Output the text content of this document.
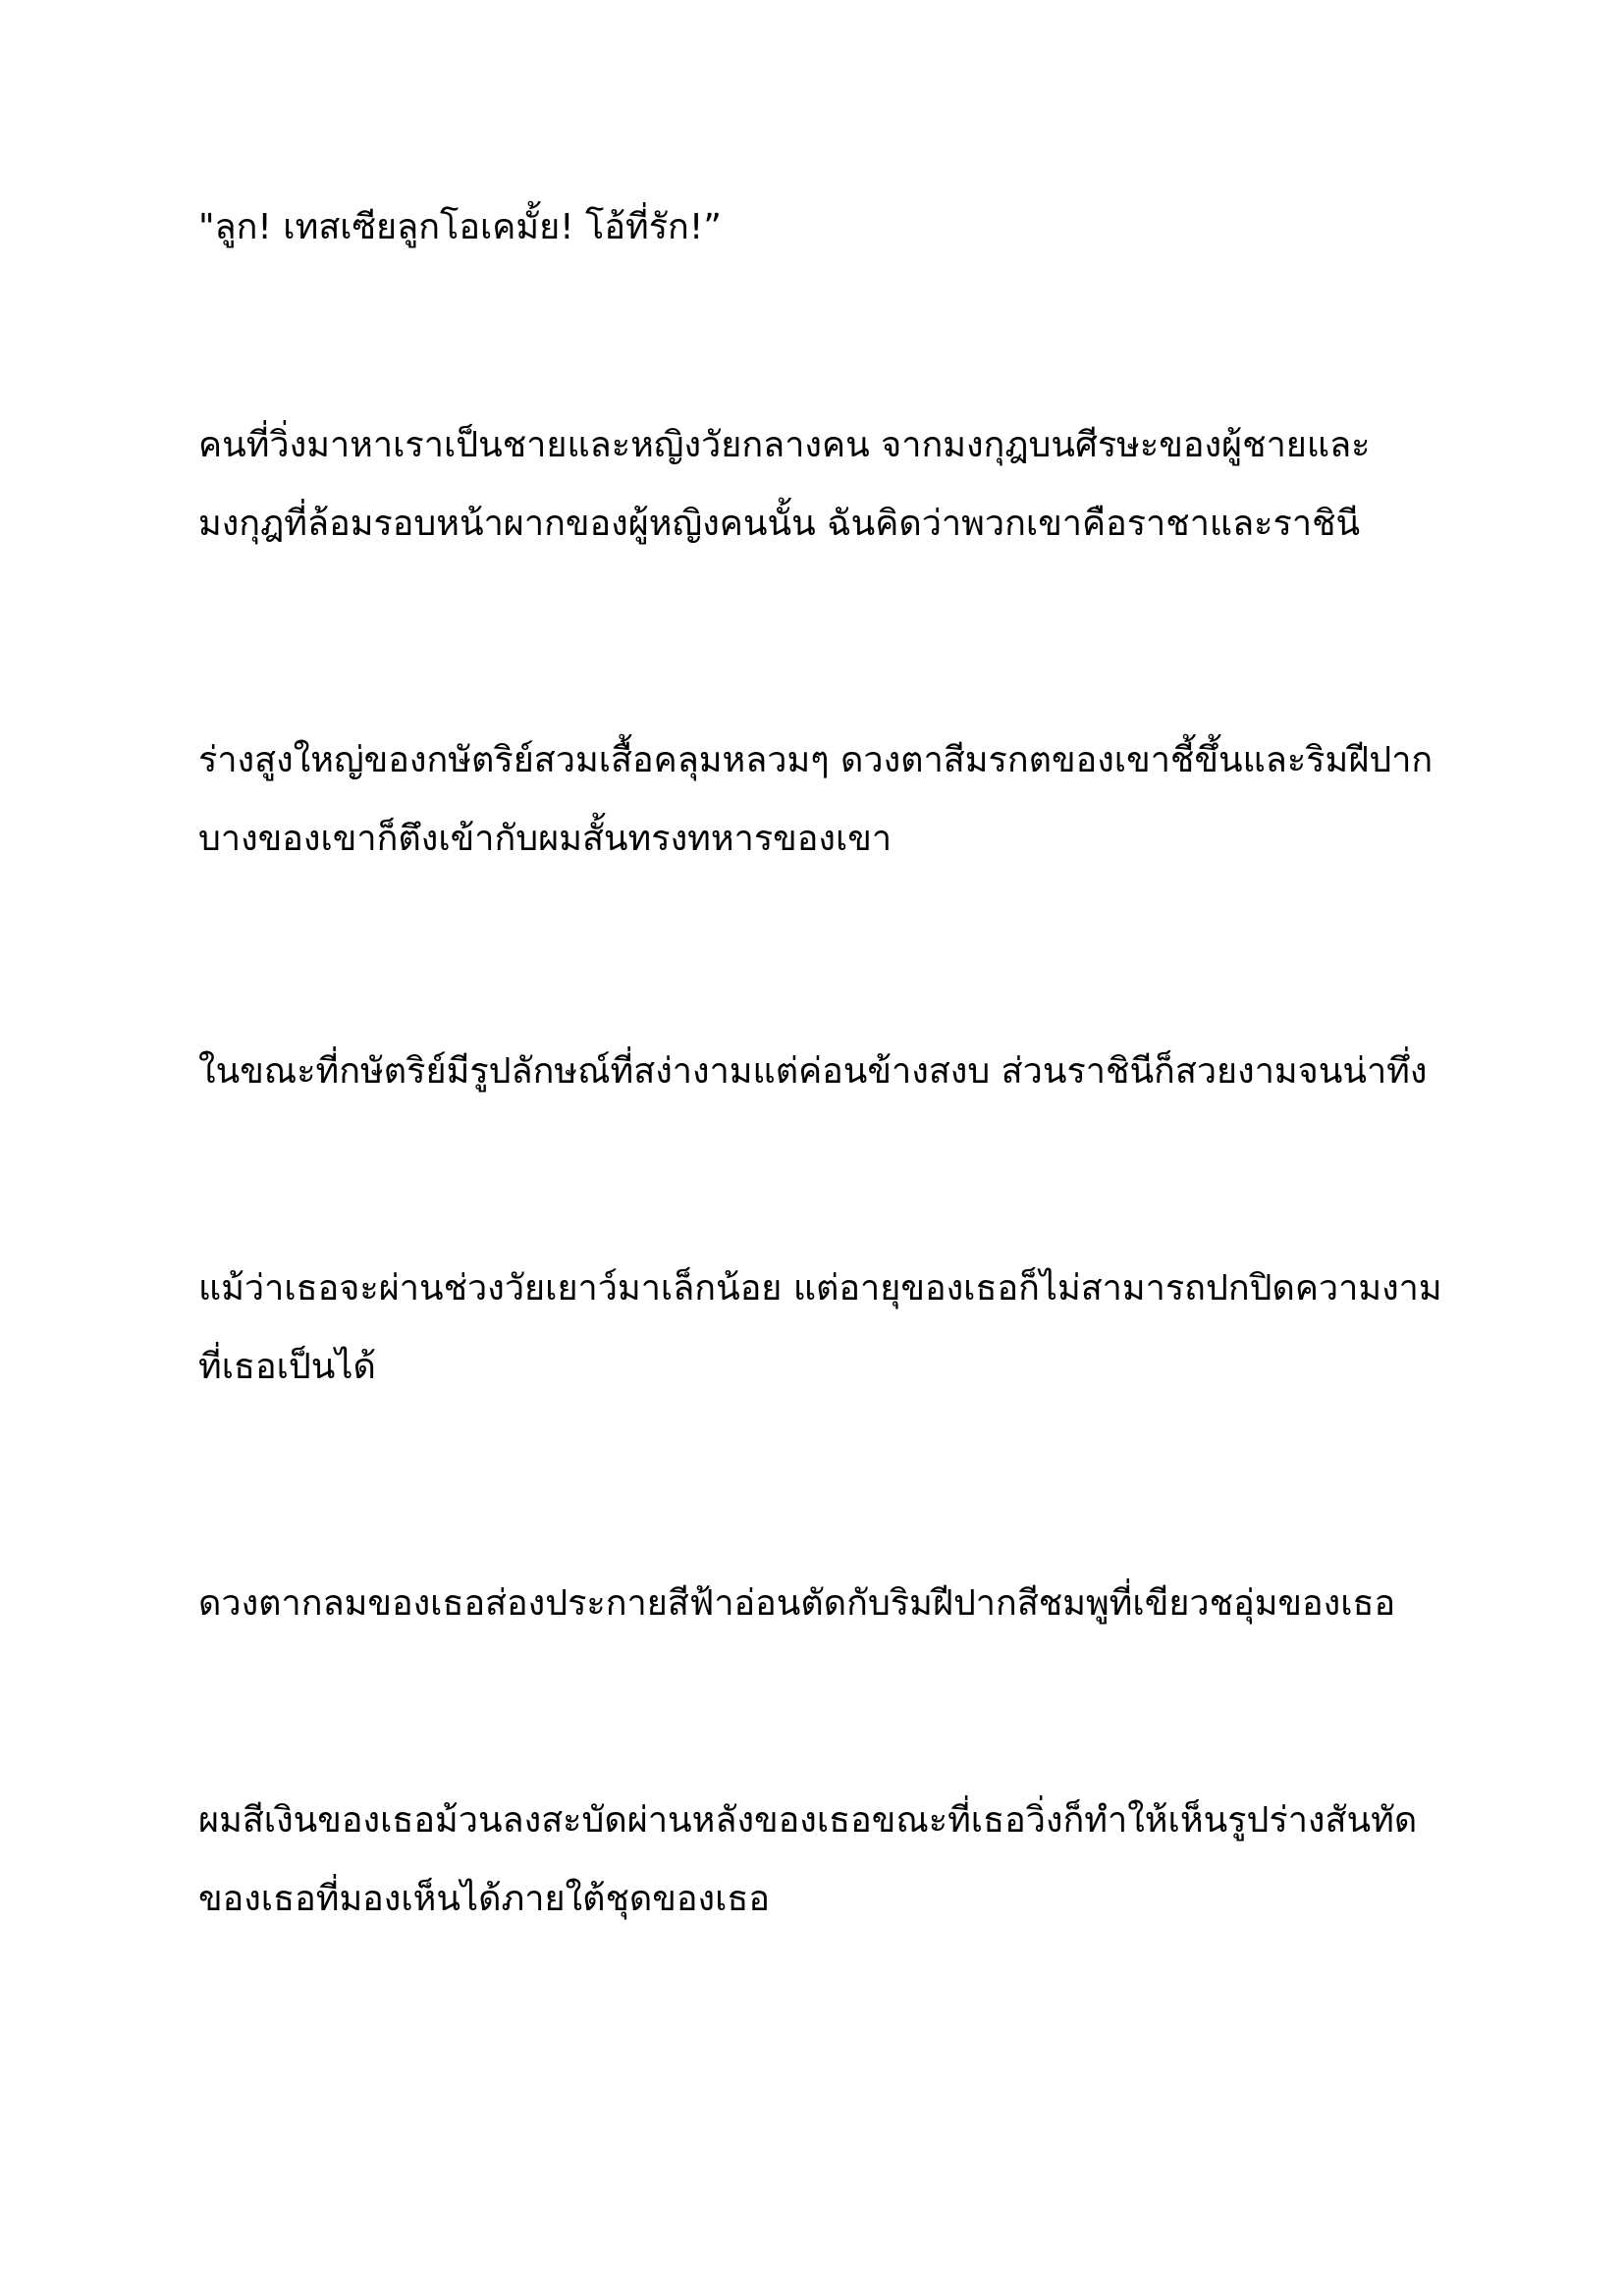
"ลูก! เทสเซียลูกโอเคมั้ย! โอ้ที่รัก!”

คนที่วิ่งมาหาเราเป็นชายและหญิงวัยกลางคน จากมงกุฎบนศีรษะของผู้ชายและ
มงกุฎที่ล้อมรอบหน้าผากของผู้หญิงคนนั้น ฉันคิดว่าพวกเขาคือราชาและราชินี

ร่างสูงใหญ่ของกษัตริย์สวมเสื้อคลุมหลวมๆ ดวงตาสีมรกตของเขาชี้ขึ้นและริมฝีปาก
บางของเขาก็ตึงเข้ากับผมสั้นทรงทหารของเขา

ในขณะที่กษัตริย์มีรูปลักษณ์ที่สง่างามแต่ค่อนข้างสงบ ส่วนราชินีก็สวยงามจนน่าทึ่ง

แม้ว่าเธอจะผ่านช่วงวัยเยาว์มาเล็กน้อย แต่อายุของเธอก็ไม่สามารถปกปิดความงาม
ที่เธอเป็นได้

ดวงตากลมของเธอส่องประกายสีฟ้าอ่อนตัดกับริมฝีปากสีชมพูที่เขียวชอุ่มของเธอ

ผมสีเงินของเธอม้วนลงสะบัดผ่านหลังของเธอขณะที่เธอวิ่งก็ทำให้เห็นรูปร่างสันทัด
ของเธอที่มองเห็นได้ภายใต้ชุดของเธอ
